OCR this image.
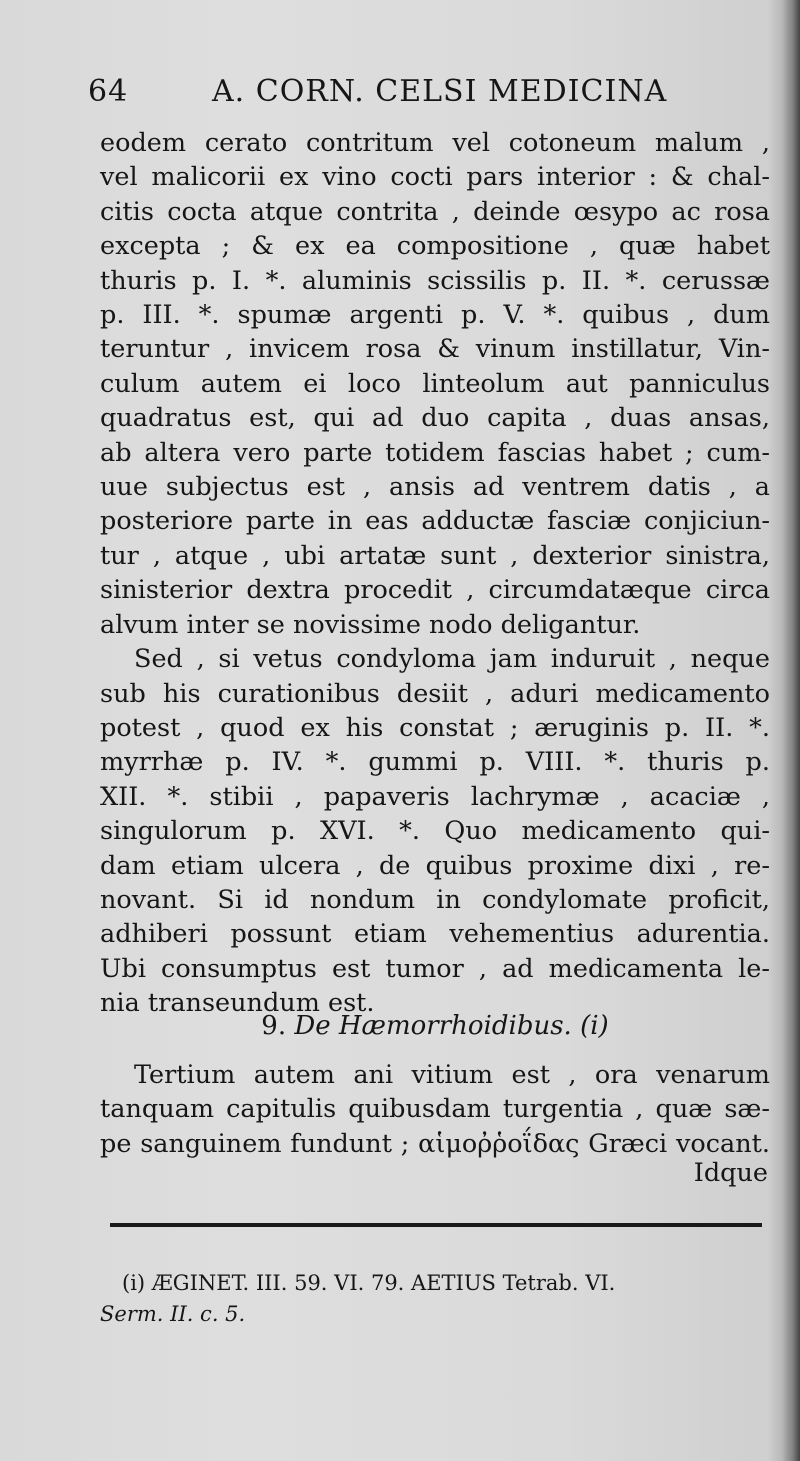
64	A. CORN. CELSI MEDICINA
eodem cerato contritum vel cotoneum malum ,
vel malicorii ex vino cocti pars interior : & chal-
citis cocta atque contrita , deinde œsypo ac rosa
excepta ; & ex ea compositione , quæ habet
thuris p. I. *. aluminis scissilis p. II. *. cerussæ
p. III. *. spumæ argenti p. V. *. quibus , dum
teruntur , invicem rosa & vinum instillatur, Vin-
culum autem ei loco linteolum aut panniculus
quadratus est, qui ad duo capita , duas ansas,
ab altera vero parte totidem fascias habet ; cum-
uue subjectus est , ansis ad ventrem datis , a
posteriore parte in eas adductæ fasciæ conjiciun-
tur , atque , ubi artatæ sunt , dexterior sinistra,
sinisterior dextra procedit , circumdatæque circa
alvum inter se novissime nodo deligantur.
Sed , si vetus condyloma jam induruit , neque
sub his curationibus desiit , aduri medicamento
potest , quod ex his constat ; æruginis p. II. *.
myrrhæ p. IV. *. gummi p. VIII. *. thuris p.
XII. *. stibii , papaveris lachrymæ , acaciæ ,
singulorum p. XVI. *. Quo medicamento qui-
dam etiam ulcera , de quibus proxime dixi , re-
novant. Si id nondum in condylomate proficit,
adhiberi possunt etiam vehementius adurentia.
Ubi consumptus est tumor , ad medicamenta le-
nia transeundum est.
9. De Hæmorrhoidibus. (i)
Tertium autem ani vitium est , ora venarum
tanquam capitulis quibusdam turgentia , quæ sæ-
pe sanguinem fundunt ; αἱμοῤῥοΐδας Græci vocant.
Idque
(i) ÆGINET. III. 59. VI. 79. AETIUS Tetrab. VI.
Serm. II. c. 5.
